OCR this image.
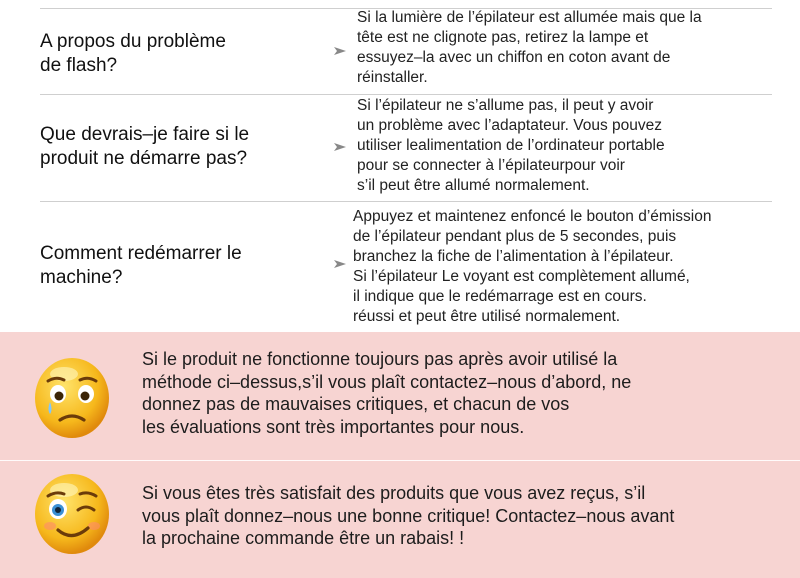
A propos du problème
de flash?
Si la lumière de l’épilateur est allumée mais que la
tête est ne clignote pas, retirez la lampe et
essuyez–la avec un chiffon en coton avant de
réinstaller.
Que devrais–je faire si le
produit ne démarre pas?
Si l’épilateur ne s’allume pas, il peut y avoir
un problème avec l’adaptateur. Vous pouvez
utiliser lealimentation de l’ordinateur portable
pour se connecter à l’épilateurpour voir
s’il peut être allumé normalement.
Comment redémarrer le
machine?
Appuyez et maintenez enfoncé le bouton d’émission
de l’épilateur pendant plus de 5 secondes, puis
branchez la fiche de l’alimentation à l’épilateur.
Si l’épilateur Le voyant est complètement allumé,
il indique que le redémarrage est en cours.
réussi et peut être utilisé normalement.
Si le produit ne fonctionne toujours pas après avoir utilisé la
méthode ci–dessus,s’il vous plaît contactez–nous d’abord, ne
donnez pas de mauvaises critiques, et chacun de vos
les évaluations sont très importantes pour nous.
Si vous êtes très satisfait des produits que vous avez reçus, s’il
vous plaît donnez–nous une bonne critique! Contactez–nous avant
la prochaine commande être un rabais! !
